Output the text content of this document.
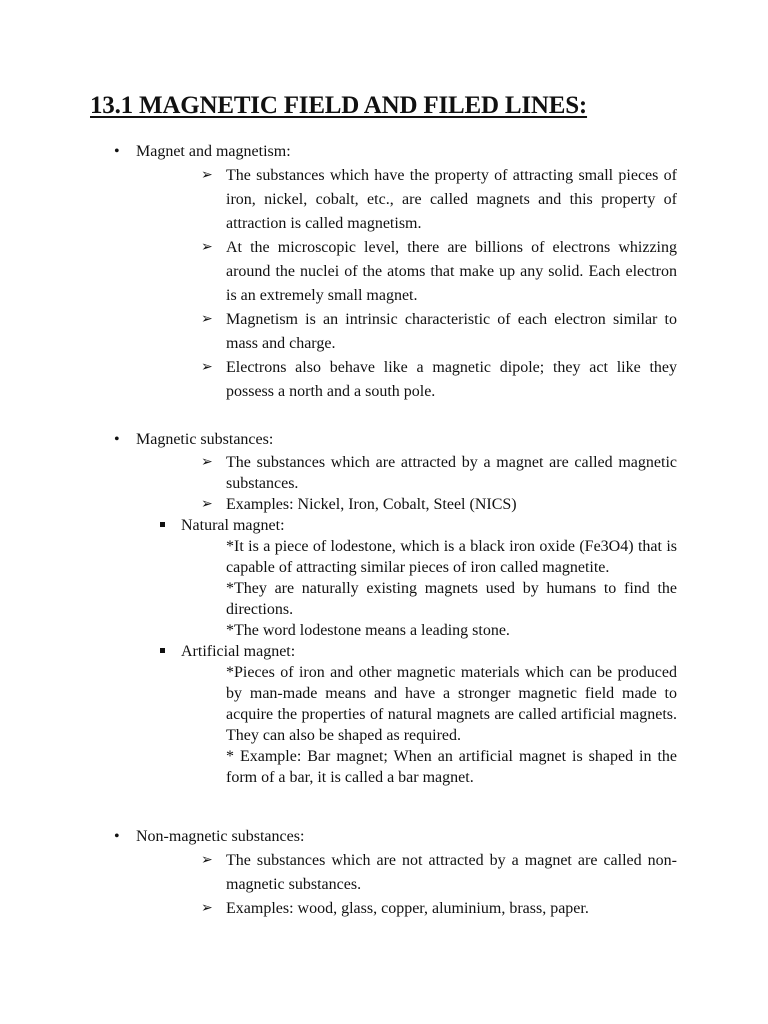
13.1 MAGNETIC FIELD AND FILED LINES:
• Magnet and magnetism:
➢ The substances which have the property of attracting small pieces of iron, nickel, cobalt, etc., are called magnets and this property of attraction is called magnetism.
➢ At the microscopic level, there are billions of electrons whizzing around the nuclei of the atoms that make up any solid. Each electron is an extremely small magnet.
➢ Magnetism is an intrinsic characteristic of each electron similar to mass and charge.
➢ Electrons also behave like a magnetic dipole; they act like they possess a north and a south pole.
• Magnetic substances:
➢ The substances which are attracted by a magnet are called magnetic substances.
➢ Examples: Nickel, Iron, Cobalt, Steel (NICS)
Natural magnet:
*It is a piece of lodestone, which is a black iron oxide (Fe3O4) that is capable of attracting similar pieces of iron called magnetite.
*They are naturally existing magnets used by humans to find the directions.
*The word lodestone means a leading stone.
Artificial magnet:
*Pieces of iron and other magnetic materials which can be produced by man-made means and have a stronger magnetic field made to acquire the properties of natural magnets are called artificial magnets. They can also be shaped as required.
* Example: Bar magnet; When an artificial magnet is shaped in the form of a bar, it is called a bar magnet.
• Non-magnetic substances:
➢ The substances which are not attracted by a magnet are called non-magnetic substances.
➢ Examples: wood, glass, copper, aluminium, brass, paper.
